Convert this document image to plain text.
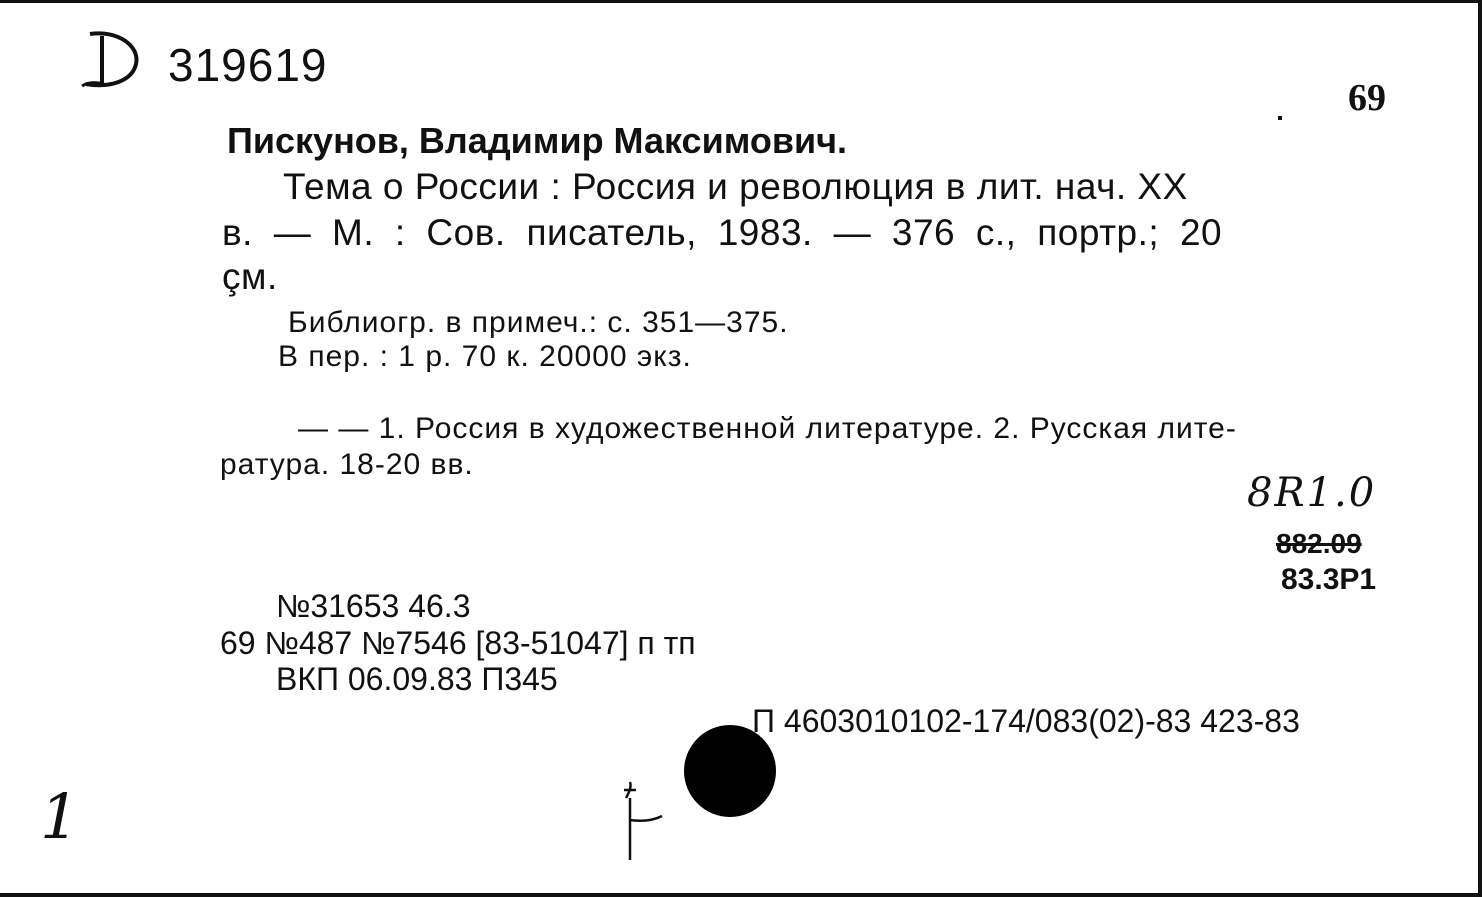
319619
69
Пискунов, Владимир Максимович.
Тема о России : Россия и революция в лит. нач. XX
в. — М. : Сов. писатель, 1983. — 376 с., портр.; 20
çм.
Библиогр. в примеч.: с. 351—375.
В пер. : 1 р. 70 к. 20000 экз.
— — 1. Россия в художественной литературе. 2. Русская лите-
ратура. 18-20 вв.
8R1.0
882.09
83.3P1
№31653 46.3
69 №487 №7546 [83-51047] п тп
ВКП 06.09.83 П345
П 4603010102-174/083(02)-83 423-83
1
